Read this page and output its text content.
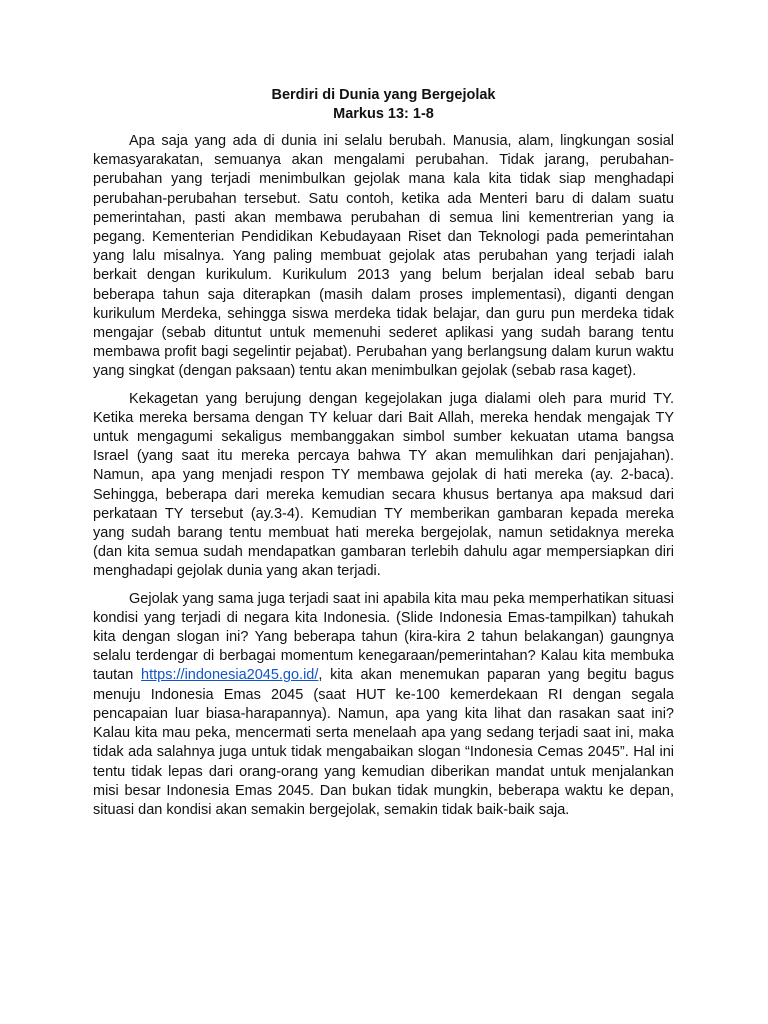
Berdiri di Dunia yang Bergejolak

Markus 13: 1-8

Apa saja yang ada di dunia ini selalu berubah. Manusia, alam, lingkungan sosial kemasyarakatan, semuanya akan mengalami perubahan. Tidak jarang, perubahan-perubahan yang terjadi menimbulkan gejolak mana kala kita tidak siap menghadapi perubahan-perubahan tersebut. Satu contoh, ketika ada Menteri baru di dalam suatu pemerintahan, pasti akan membawa perubahan di semua lini kementrerian yang ia pegang. Kementerian Pendidikan Kebudayaan Riset dan Teknologi pada pemerintahan yang lalu misalnya. Yang paling membuat gejolak atas perubahan yang terjadi ialah berkait dengan kurikulum. Kurikulum 2013 yang belum berjalan ideal sebab baru beberapa tahun saja diterapkan (masih dalam proses implementasi), diganti dengan kurikulum Merdeka, sehingga siswa merdeka tidak belajar, dan guru pun merdeka tidak mengajar (sebab dituntut untuk memenuhi sederet aplikasi yang sudah barang tentu membawa profit bagi segelintir pejabat). Perubahan yang berlangsung dalam kurun waktu yang singkat (dengan paksaan) tentu akan menimbulkan gejolak (sebab rasa kaget).

Kekagetan yang berujung dengan kegejolakan juga dialami oleh para murid TY. Ketika mereka bersama dengan TY keluar dari Bait Allah, mereka hendak mengajak TY untuk mengagumi sekaligus membanggakan simbol sumber kekuatan utama bangsa Israel (yang saat itu mereka percaya bahwa TY akan memulihkan dari penjajahan). Namun, apa yang menjadi respon TY membawa gejolak di hati mereka (ay. 2-baca). Sehingga, beberapa dari mereka kemudian secara khusus bertanya apa maksud dari perkataan TY tersebut (ay.3-4). Kemudian TY memberikan gambaran kepada mereka yang sudah barang tentu membuat hati mereka bergejolak, namun setidaknya mereka (dan kita semua sudah mendapatkan gambaran terlebih dahulu agar mempersiapkan diri menghadapi gejolak dunia yang akan terjadi.

Gejolak yang sama juga terjadi saat ini apabila kita mau peka memperhatikan situasi kondisi yang terjadi di negara kita Indonesia. (Slide Indonesia Emas-tampilkan) tahukah kita dengan slogan ini? Yang beberapa tahun (kira-kira 2 tahun belakangan) gaungnya selalu terdengar di berbagai momentum kenegaraan/pemerintahan? Kalau kita membuka tautan https://indonesia2045.go.id/, kita akan menemukan paparan yang begitu bagus menuju Indonesia Emas 2045 (saat HUT ke-100 kemerdekaan RI dengan segala pencapaian luar biasa-harapannya). Namun, apa yang kita lihat dan rasakan saat ini? Kalau kita mau peka, mencermati serta menelaah apa yang sedang terjadi saat ini, maka tidak ada salahnya juga untuk tidak mengabaikan slogan “Indonesia Cemas 2045”. Hal ini tentu tidak lepas dari orang-orang yang kemudian diberikan mandat untuk menjalankan misi besar Indonesia Emas 2045. Dan bukan tidak mungkin, beberapa waktu ke depan, situasi dan kondisi akan semakin bergejolak, semakin tidak baik-baik saja.
